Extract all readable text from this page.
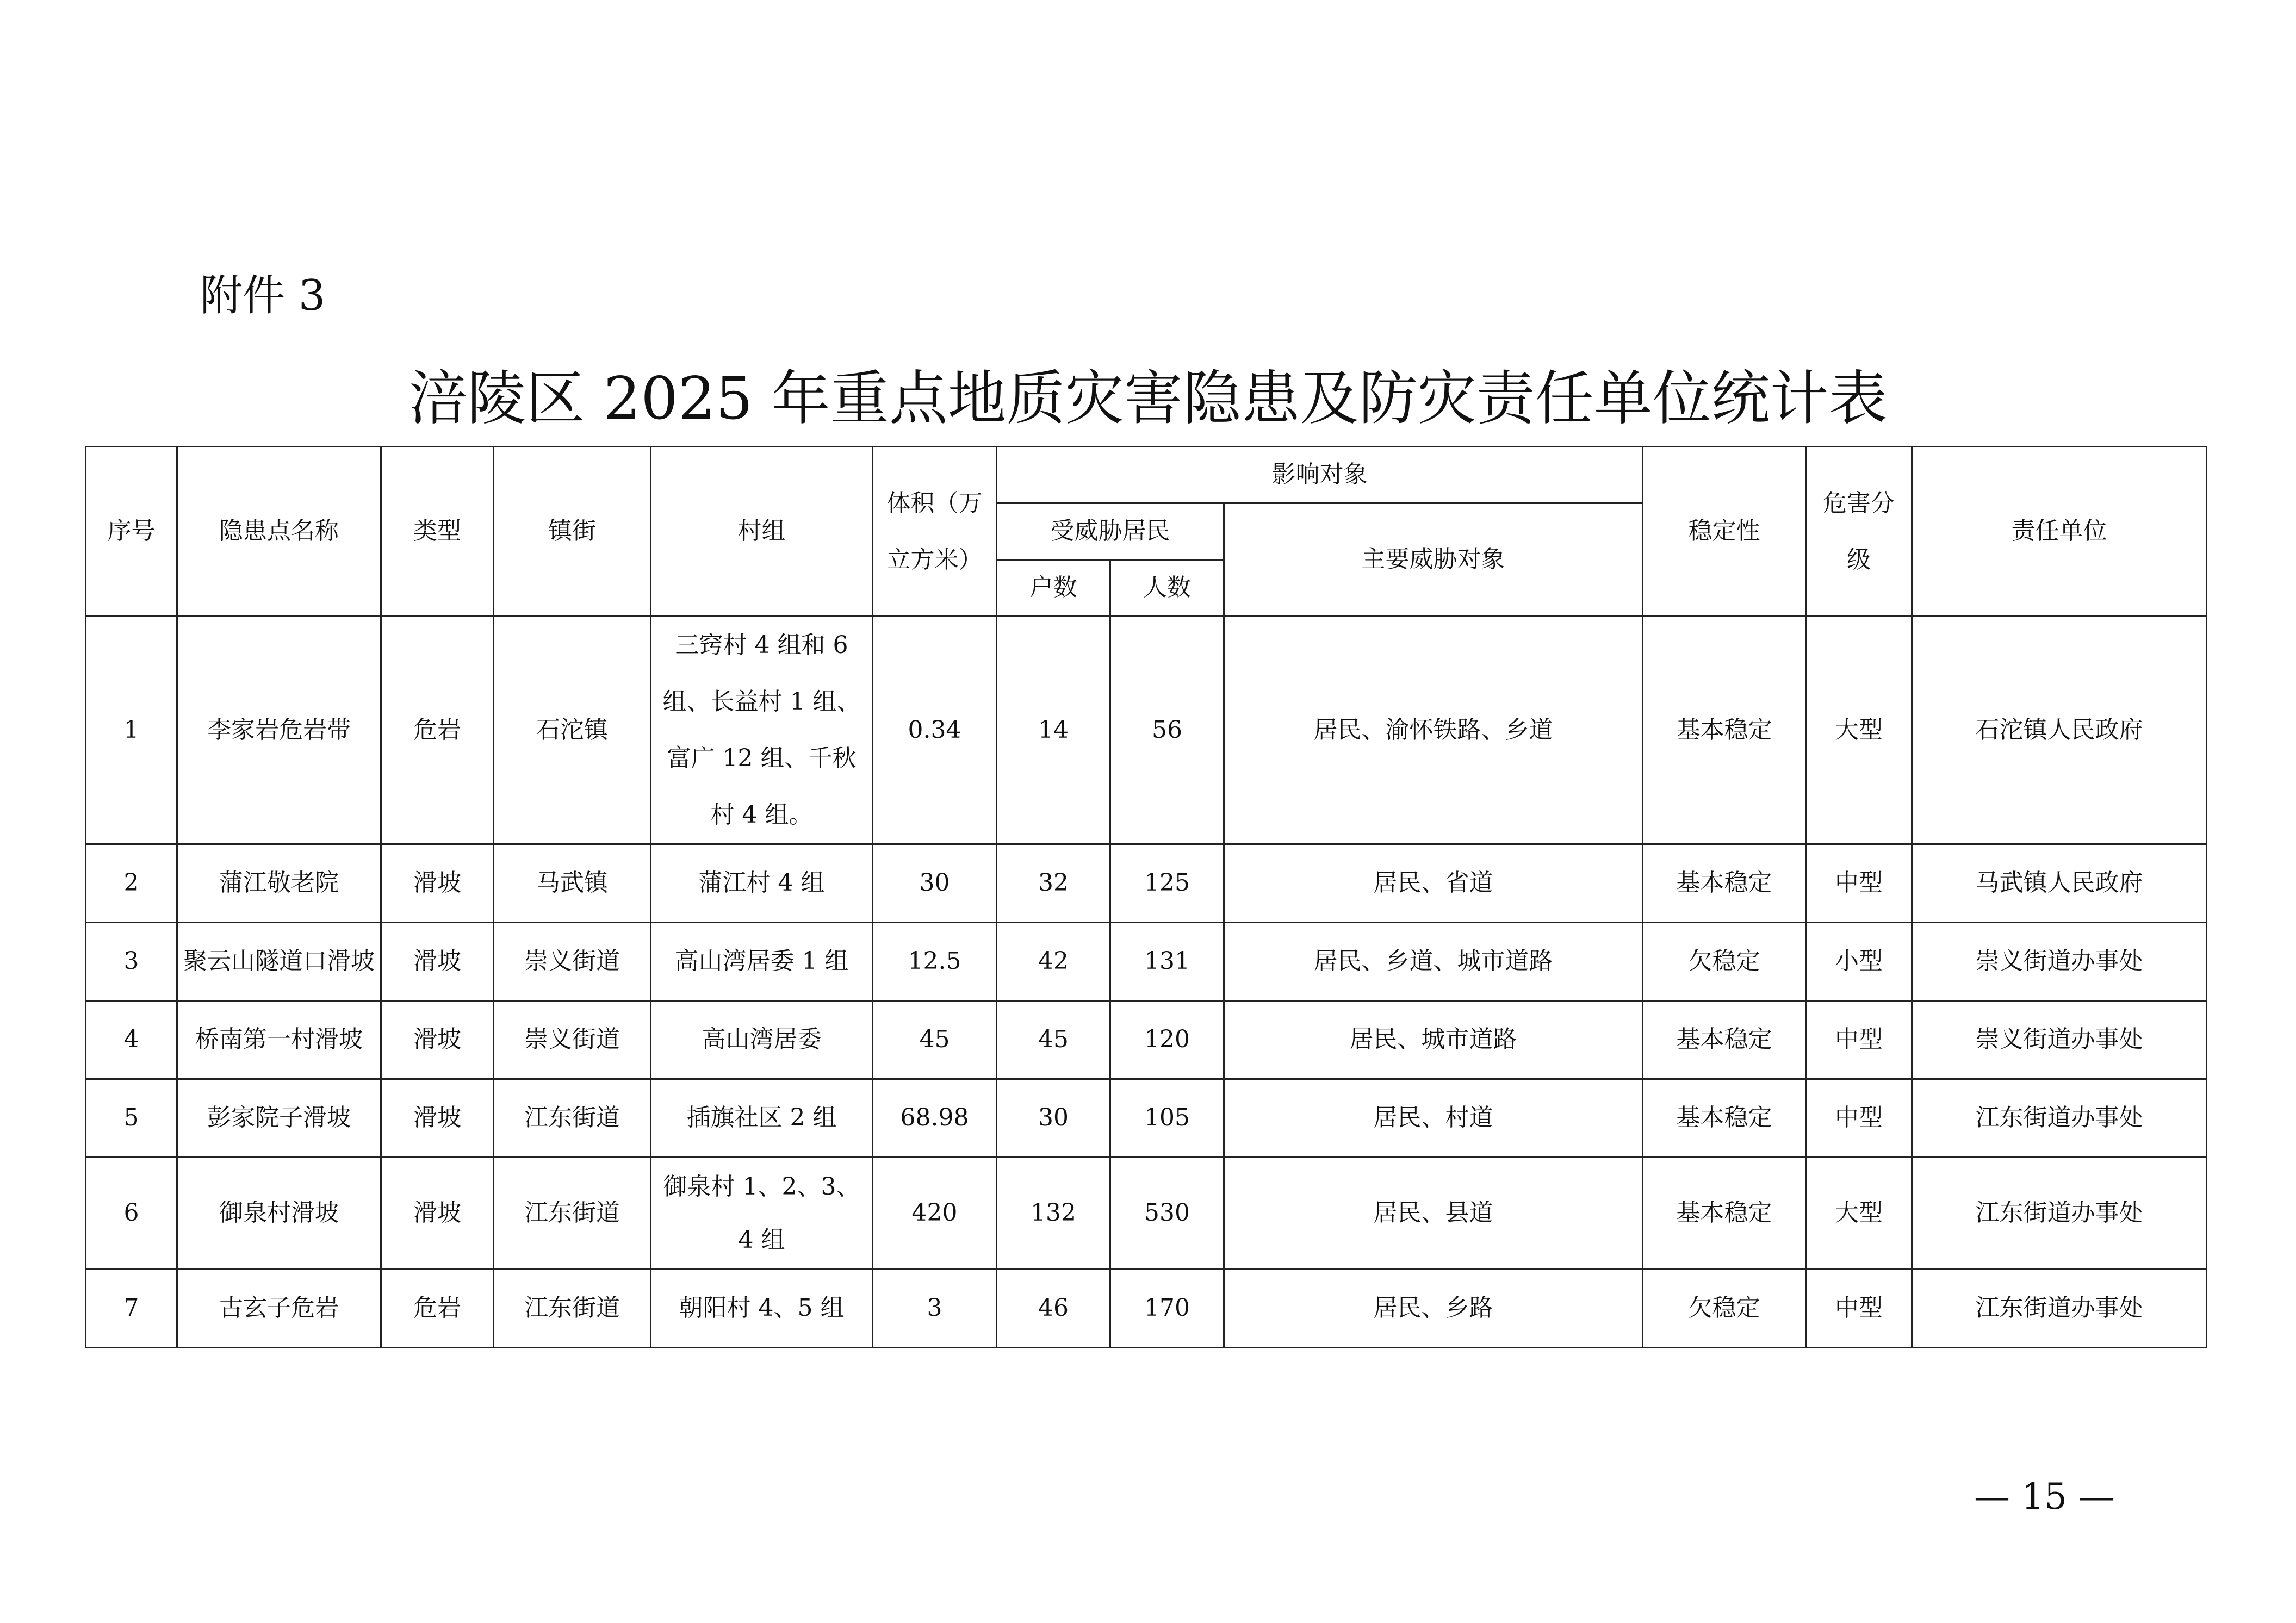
附件 3
涪陵区 2025 年重点地质灾害隐患及防灾责任单位统计表
序号	隐患点名称	类型	镇街	村组	体积（万立方米）	影响对象			稳定性	危害分级	责任单位
						受威胁居民		主要威胁对象			
						户数	人数				
1	李家岩危岩带	危岩	石沱镇	三窍村 4 组和 6 组、长益村 1 组、富广 12 组、千秋村 4 组。	0.34	14	56	居民、渝怀铁路、乡道	基本稳定	大型	石沱镇人民政府
2	蒲江敬老院	滑坡	马武镇	蒲江村 4 组	30	32	125	居民、省道	基本稳定	中型	马武镇人民政府
3	聚云山隧道口滑坡	滑坡	崇义街道	高山湾居委 1 组	12.5	42	131	居民、乡道、城市道路	欠稳定	小型	崇义街道办事处
4	桥南第一村滑坡	滑坡	崇义街道	高山湾居委	45	45	120	居民、城市道路	基本稳定	中型	崇义街道办事处
5	彭家院子滑坡	滑坡	江东街道	插旗社区 2 组	68.98	30	105	居民、村道	基本稳定	中型	江东街道办事处
6	御泉村滑坡	滑坡	江东街道	御泉村 1、2、3、4 组	420	132	530	居民、县道	基本稳定	大型	江东街道办事处
7	古玄子危岩	危岩	江东街道	朝阳村 4、5 组	3	46	170	居民、乡路	欠稳定	中型	江东街道办事处
— 15 —
